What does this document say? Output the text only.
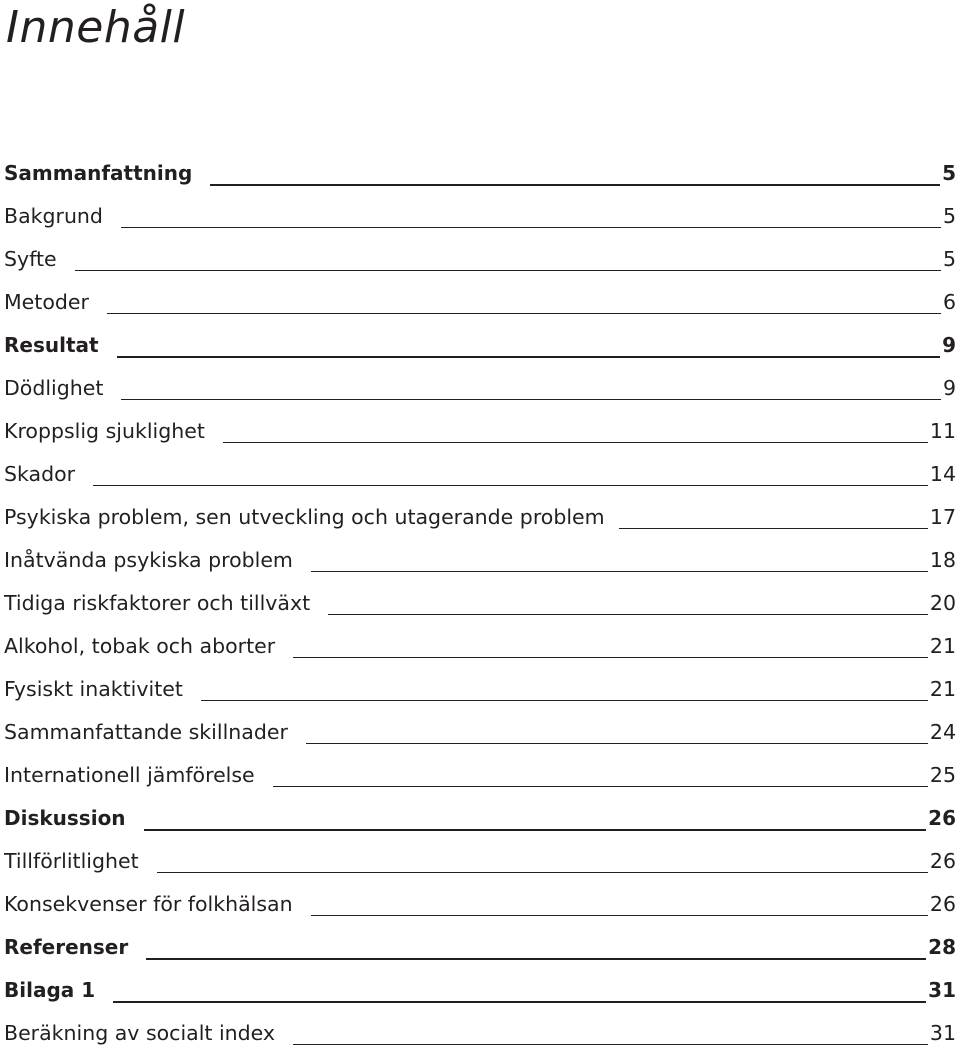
Innehåll
Sammanfattning	5
Bakgrund	5
Syfte	5
Metoder	6
Resultat	9
Dödlighet	9
Kroppslig sjuklighet	11
Skador	14
Psykiska problem, sen utveckling och utagerande problem	17
Inåtvända psykiska problem	18
Tidiga riskfaktorer och tillväxt	20
Alkohol, tobak och aborter	21
Fysiskt inaktivitet	21
Sammanfattande skillnader	24
Internationell jämförelse	25
Diskussion	26
Tillförlitlighet	26
Konsekvenser för folkhälsan	26
Referenser	28
Bilaga 1	31
Beräkning av socialt index	31
